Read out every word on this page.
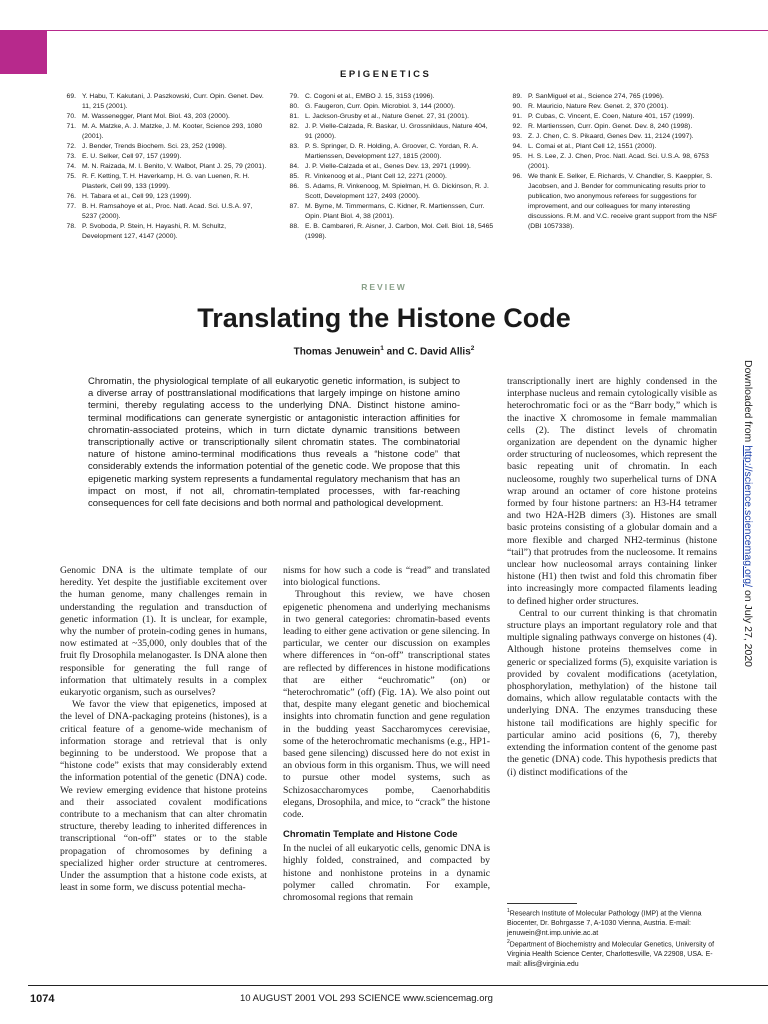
EPIGENETICS
69. Y. Habu, T. Kakutani, J. Paszkowski, Curr. Opin. Genet. Dev. 11, 215 (2001).
70. M. Wassenegger, Plant Mol. Biol. 43, 203 (2000).
71. M. A. Matzke, A. J. Matzke, J. M. Kooter, Science 293, 1080 (2001).
72. J. Bender, Trends Biochem. Sci. 23, 252 (1998).
73. E. U. Selker, Cell 97, 157 (1999).
74. M. N. Raizada, M. I. Benito, V. Walbot, Plant J. 25, 79 (2001).
75. R. F. Ketting, T. H. Haverkamp, H. G. van Luenen, R. H. Plasterk, Cell 99, 133 (1999).
76. H. Tabara et al., Cell 99, 123 (1999).
77. B. H. Ramsahoye et al., Proc. Natl. Acad. Sci. U.S.A. 97, 5237 (2000).
78. P. Svoboda, P. Stein, H. Hayashi, R. M. Schultz, Development 127, 4147 (2000).
79. C. Cogoni et al., EMBO J. 15, 3153 (1996).
80. G. Faugeron, Curr. Opin. Microbiol. 3, 144 (2000).
81. L. Jackson-Grusby et al., Nature Genet. 27, 31 (2001).
82. J. P. Vielle-Calzada, R. Baskar, U. Grossniklaus, Nature 404, 91 (2000).
83. P. S. Springer, D. R. Holding, A. Groover, C. Yordan, R. A. Martienssen, Development 127, 1815 (2000).
84. J. P. Vielle-Calzada et al., Genes Dev. 13, 2971 (1999).
85. R. Vinkenoog et al., Plant Cell 12, 2271 (2000).
86. S. Adams, R. Vinkenoog, M. Spielman, H. G. Dickinson, R. J. Scott, Development 127, 2493 (2000).
87. M. Byrne, M. Timmermans, C. Kidner, R. Martienssen, Curr. Opin. Plant Biol. 4, 38 (2001).
88. E. B. Cambareri, R. Aisner, J. Carbon, Mol. Cell. Biol. 18, 5465 (1998).
89. P. SanMiguel et al., Science 274, 765 (1996).
90. R. Mauricio, Nature Rev. Genet. 2, 370 (2001).
91. P. Cubas, C. Vincent, E. Coen, Nature 401, 157 (1999).
92. R. Martienssen, Curr. Opin. Genet. Dev. 8, 240 (1998).
93. Z. J. Chen, C. S. Pikaard, Genes Dev. 11, 2124 (1997).
94. L. Comai et al., Plant Cell 12, 1551 (2000).
95. H. S. Lee, Z. J. Chen, Proc. Natl. Acad. Sci. U.S.A. 98, 6753 (2001).
96. We thank E. Selker, E. Richards, V. Chandler, S. Kaeppler, S. Jacobsen, and J. Bender for communicating results prior to publication, two anonymous referees for suggestions for improvement, and our colleagues for many interesting discussions. R.M. and V.C. receive grant support from the NSF (DBI 1057338).
REVIEW
Translating the Histone Code
Thomas Jenuwein$^1$ and C. David Allis$^2$
Chromatin, the physiological template of all eukaryotic genetic information, is subject to a diverse array of posttranslational modifications that largely impinge on histone amino termini, thereby regulating access to the underlying DNA. Distinct histone amino-terminal modifications can generate synergistic or antagonistic interaction affinities for chromatin-associated proteins, which in turn dictate dynamic transitions between transcriptionally active or transcriptionally silent chromatin states. The combinatorial nature of histone amino-terminal modifications thus reveals a “histone code” that considerably extends the information potential of the genetic code. We propose that this epigenetic marking system represents a fundamental regulatory mechanism that has an impact on most, if not all, chromatin-templated processes, with far-reaching consequences for cell fate decisions and both normal and pathological development.

Genomic DNA is the ultimate template of our heredity. Yet despite the justifiable excitement over the human genome, many challenges remain in understanding the regulation and transduction of genetic information (1). It is unclear, for example, why the number of protein-coding genes in humans, now estimated at ~35,000, only doubles that of the fruit fly Drosophila melanogaster. Is DNA alone then responsible for generating the full range of information that ultimately results in a complex eukaryotic organism, such as ourselves?

We favor the view that epigenetics, imposed at the level of DNA-packaging proteins (histones), is a critical feature of a genome-wide mechanism of information storage and retrieval that is only beginning to be understood. We propose that a “histone code” exists that may considerably extend the information potential of the genetic (DNA) code. We review emerging evidence that histone proteins and their associated covalent modifications contribute to a mechanism that can alter chromatin structure, thereby leading to inherited differences in transcriptional “on-off” states or to the stable propagation of chromosomes by defining a specialized higher order structure at centromeres. Under the assumption that a histone code exists, at least in some form, we discuss potential mecha-

nisms for how such a code is “read” and translated into biological functions.

Throughout this review, we have chosen epigenetic phenomena and underlying mechanisms in two general categories: chromatin-based events leading to either gene activation or gene silencing. In particular, we center our discussion on examples where differences in “on-off” transcriptional states are reflected by differences in histone modifications that are either “euchromatic” (on) or “heterochromatic” (off) (Fig. 1A). We also point out that, despite many elegant genetic and biochemical insights into chromatin function and gene regulation in the budding yeast Saccharomyces cerevisiae, some of the heterochromatic mechanisms (e.g., HP1-based gene silencing) discussed here do not exist in an obvious form in this organism. Thus, we will need to pursue other model systems, such as Schizosaccharomyces pombe, Caenorhabditis elegans, Drosophila, and mice, to “crack” the histone code.

Chromatin Template and Histone Code

In the nuclei of all eukaryotic cells, genomic DNA is highly folded, constrained, and compacted by histone and nonhistone proteins in a dynamic polymer called chromatin. For example, chromosomal regions that remain

transcriptionally inert are highly condensed in the interphase nucleus and remain cytologically visible as heterochromatic foci or as the “Barr body,” which is the inactive X chromosome in female mammalian cells (2). The distinct levels of chromatin organization are dependent on the dynamic higher order structuring of nucleosomes, which represent the basic repeating unit of chromatin. In each nucleosome, roughly two superhelical turns of DNA wrap around an octamer of core histone proteins formed by four histone partners: an H3-H4 tetramer and two H2A-H2B dimers (3). Histones are small basic proteins consisting of a globular domain and a more flexible and charged NH2-terminus (histone “tail”) that protrudes from the nucleosome. It remains unclear how nucleosomal arrays containing linker histone (H1) then twist and fold this chromatin fiber into increasingly more compacted filaments leading to defined higher order structures.

Central to our current thinking is that chromatin structure plays an important regulatory role and that multiple signaling pathways converge on histones (4). Although histone proteins themselves come in generic or specialized forms (5), exquisite variation is provided by covalent modifications (acetylation, phosphorylation, methylation) of the histone tail domains, which allow regulatable contacts with the underlying DNA. The enzymes transducing these histone tail modifications are highly specific for particular amino acid positions (6, 7), thereby extending the information content of the genome past the genetic (DNA) code. This hypothesis predicts that (i) distinct modifications of the

$^1$Research Institute of Molecular Pathology (IMP) at the Vienna Biocenter, Dr. Bohrgasse 7, A-1030 Vienna, Austria. E-mail: jenuwein@nt.imp.univie.ac.at
$^2$Department of Biochemistry and Molecular Genetics, University of Virginia Health Science Center, Charlottesville, VA 22908, USA. E-mail: allis@virginia.edu
1074	10 AUGUST 2001 VOL 293 SCIENCE www.sciencemag.org
Downloaded from http://science.sciencemag.org/ on July 27, 2020
